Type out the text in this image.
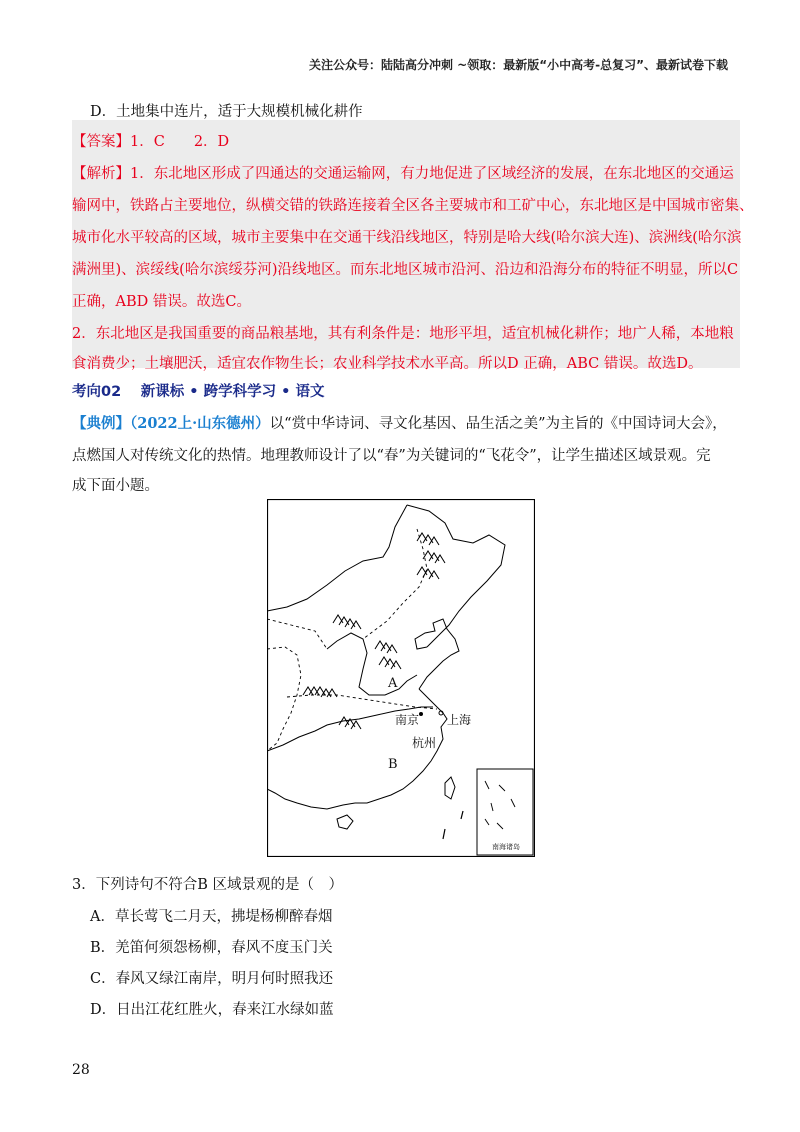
关注公众号：陆陆高分冲刺 ~领取：最新版“小中高考-总复习”、最新试卷下载
D．土地集中连片，适于大规模机械化耕作
【答案】1．C　　2．D
【解析】1．东北地区形成了四通达的交通运输网，有力地促进了区域经济的发展，在东北地区的交通运
输网中，铁路占主要地位，纵横交错的铁路连接着全区各主要城市和工矿中心，东北地区是中国城市密集、
城市化水平较高的区域，城市主要集中在交通干线沿线地区，特别是哈大线(哈尔滨大连)、滨洲线(哈尔滨
满洲里)、滨绥线(哈尔滨绥芬河)沿线地区。而东北地区城市沿河、沿边和沿海分布的特征不明显，所以C
正确，ABD 错误。故选C。
2．东北地区是我国重要的商品粮基地，其有利条件是：地形平坦，适宜机械化耕作；地广人稀，本地粮
食消费少；土壤肥沃，适宜农作物生长；农业科学技术水平高。所以D 正确，ABC 错误。故选D。
考向02　 新课标 • 跨学科学习 • 语文
【典例】（2022上·山东德州）以“赏中华诗词、寻文化基因、品生活之美”为主旨的《中国诗词大会》，
点燃国人对传统文化的热情。地理教师设计了以“春”为关键词的“飞花令”，让学生描述区域景观。完
成下面小题。
A
B
南京 上海
杭州
南海诸岛
3．下列诗句不符合B 区域景观的是（　）
A．草长莺飞二月天，拂堤杨柳醉春烟
B．羌笛何须怨杨柳，春风不度玉门关
C．春风又绿江南岸，明月何时照我还
D．日出江花红胜火，春来江水绿如蓝
28
